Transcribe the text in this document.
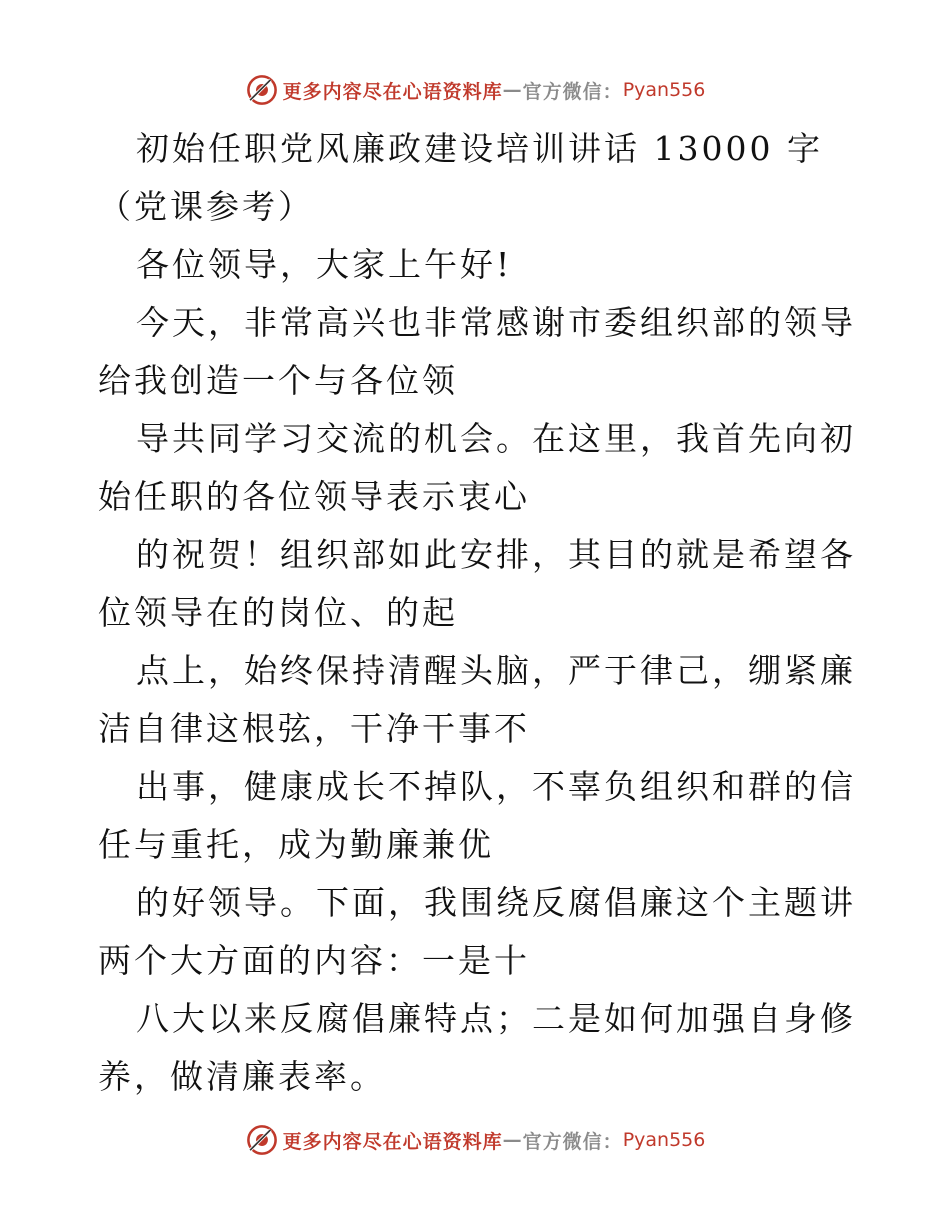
更多内容尽在心语资料库 — 官方微信： Pyan556

初始任职党风廉政建设培训讲话 13000 字（党课参考）

各位领导，大家上午好!

今天，非常高兴也非常感谢市委组织部的领导给我创造一个与各位领

导共同学习交流的机会。在这里，我首先向初始任职的各位领导表示衷心

的祝贺！组织部如此安排，其目的就是希望各位领导在的岗位、的起

点上，始终保持清醒头脑，严于律己，绷紧廉洁自律这根弦，干净干事不

出事，健康成长不掉队，不辜负组织和群的信任与重托，成为勤廉兼优

的好领导。下面，我围绕反腐倡廉这个主题讲两个大方面的内容：一是十

八大以来反腐倡廉特点；二是如何加强自身修养，做清廉表率。

更多内容尽在心语资料库 — 官方微信： Pyan556
